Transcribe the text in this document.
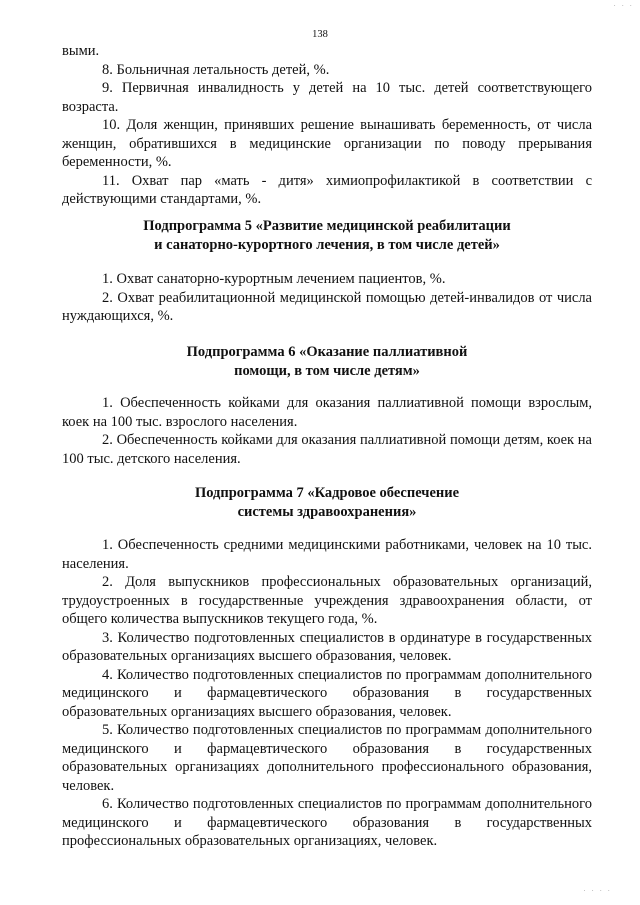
· · ·
138

выми.

8. Больничная летальность детей, %.

9. Первичная инвалидность у детей на 10 тыс. детей соответствующего возраста.

10. Доля женщин, принявших решение вынашивать беременность, от числа женщин, обратившихся в медицинские организации по поводу прерывания беременности, %.

11. Охват пар «мать - дитя» химиопрофилактикой в соответствии с действующими стандартами, %.

Подпрограмма 5 «Развитие медицинской реабилитации
и санаторно-курортного лечения, в том числе детей»

1. Охват санаторно-курортным лечением пациентов, %.

2. Охват реабилитационной медицинской помощью детей-инвалидов от числа нуждающихся, %.

Подпрограмма 6 «Оказание паллиативной
помощи, в том числе детям»

1. Обеспеченность койками для оказания паллиативной помощи взрослым, коек на 100 тыс. взрослого населения.

2. Обеспеченность койками для оказания паллиативной помощи детям, коек на 100 тыс. детского населения.

Подпрограмма 7 «Кадровое обеспечение
системы здравоохранения»

1. Обеспеченность средними медицинскими работниками, человек на 10 тыс. населения.

2. Доля выпускников профессиональных образовательных организаций, трудоустроенных в государственные учреждения здравоохранения области, от общего количества выпускников текущего года, %.

3. Количество подготовленных специалистов в ординатуре в государственных образовательных организациях высшего образования, человек.

4. Количество подготовленных специалистов по программам дополнительного медицинского и фармацевтического образования в государственных образовательных организациях высшего образования, человек.

5. Количество подготовленных специалистов по программам дополнительного медицинского и фармацевтического образования в государственных образовательных организациях дополнительного профессионального образования, человек.

6. Количество подготовленных специалистов по программам дополнительного медицинского и фармацевтического образования в государственных профессиональных образовательных организациях, человек.

· · · ·
